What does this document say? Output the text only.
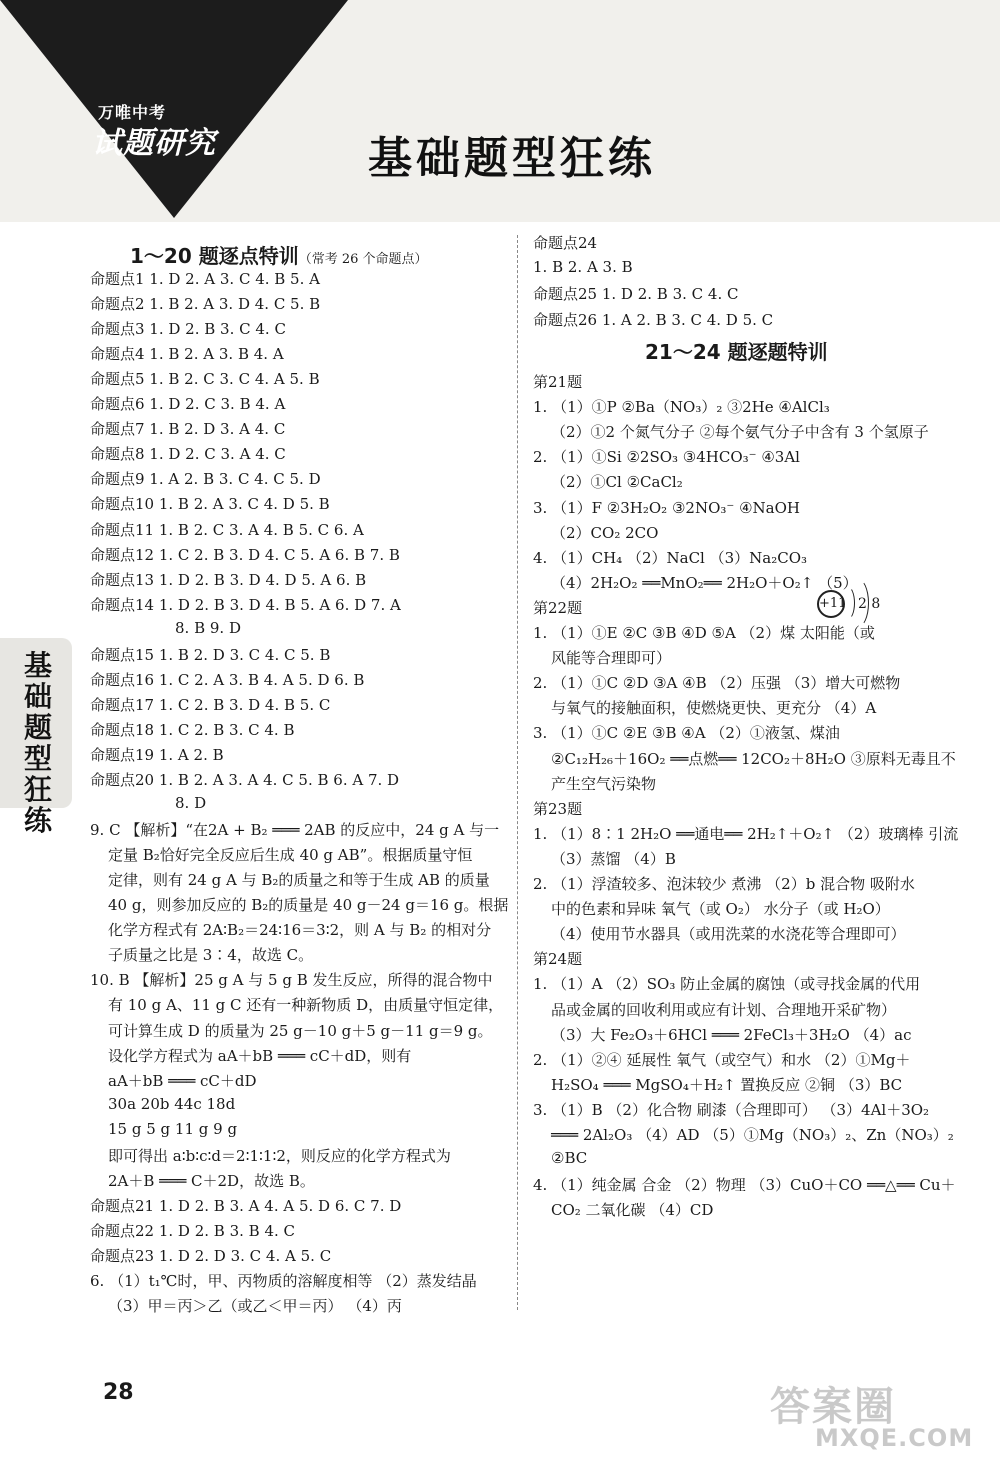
万唯中考
试题研究	基础题型狂练
基础题型狂练
1～20 题逐点特训（常考 26 个命题点）
命题点1 1. D 2. A 3. C 4. B 5. A
命题点2 1. B 2. A 3. D 4. C 5. B
命题点3 1. D 2. B 3. C 4. C
命题点4 1. B 2. A 3. B 4. A
命题点5 1. B 2. C 3. C 4. A 5. B
命题点6 1. D 2. C 3. B 4. A
命题点7 1. B 2. D 3. A 4. C
命题点8 1. D 2. C 3. A 4. C
命题点9 1. A 2. B 3. C 4. C 5. D
命题点10 1. B 2. A 3. C 4. D 5. B
命题点11 1. B 2. C 3. A 4. B 5. C 6. A
命题点12 1. C 2. B 3. D 4. C 5. A 6. B 7. B
命题点13 1. D 2. B 3. D 4. D 5. A 6. B
命题点14 1. D 2. B 3. D 4. B 5. A 6. D 7. A
8. B 9. D
命题点15 1. B 2. D 3. C 4. C 5. B
命题点16 1. C 2. A 3. B 4. A 5. D 6. B
命题点17 1. C 2. B 3. D 4. B 5. C
命题点18 1. C 2. B 3. C 4. B
命题点19 1. A 2. B
命题点20 1. B 2. A 3. A 4. C 5. B 6. A 7. D
8. D
9. C 【解析】“在2A + B₂ ═══ 2AB 的反应中，24 g A 与一
定量 B₂恰好完全反应后生成 40 g AB”。根据质量守恒
定律，则有 24 g A 与 B₂的质量之和等于生成 AB 的质量
40 g，则参加反应的 B₂的质量是 40 g－24 g＝16 g。根据
化学方程式有 2A∶B₂＝24∶16＝3∶2，则 A 与 B₂ 的相对分
子质量之比是 3∶4，故选 C。
10. B 【解析】25 g A 与 5 g B 发生反应，所得的混合物中
有 10 g A、11 g C 还有一种新物质 D，由质量守恒定律，
可计算生成 D 的质量为 25 g－10 g＋5 g－11 g＝9 g。
设化学方程式为 aA＋bB ═══ cC＋dD，则有
aA＋bB ═══ cC＋dD
30a 20b 44c 18d
15 g 5 g 11 g 9 g
即可得出 a∶b∶c∶d＝2∶1∶1∶2，则反应的化学方程式为
2A＋B ═══ C＋2D，故选 B。
命题点21 1. D 2. B 3. A 4. A 5. D 6. C 7. D
命题点22 1. D 2. B 3. B 4. C
命题点23 1. D 2. D 3. C 4. A 5. C
6. （1）t₁℃时，甲、丙物质的溶解度相等 （2）蒸发结晶
（3）甲＝丙＞乙（或乙＜甲＝丙） （4）丙
命题点24
1. B 2. A 3. B
命题点25 1. D 2. B 3. C 4. C
命题点26 1. A 2. B 3. C 4. D 5. C
21～24 题逐题特训
第21题
1. （1）①P ②Ba（NO₃）₂ ③2He ④AlCl₃
（2）①2 个氮气分子 ②每个氨气分子中含有 3 个氢原子
2. （1）①Si ②2SO₃ ③4HCO₃⁻ ④3Al
（2）①Cl ②CaCl₂
3. （1）F ②3H₂O₂ ③2NO₃⁻ ④NaOH
（2）CO₂ 2CO
4. （1）CH₄ （2）NaCl （3）Na₂CO₃
（4）2H₂O₂ ══MnO₂══ 2H₂O＋O₂↑ （5）
第22题
1. （1）①E ②C ③B ④D ⑤A （2）煤 太阳能（或
风能等合理即可）
2. （1）①C ②D ③A ④B （2）压强 （3）增大可燃物
与氧气的接触面积，使燃烧更快、更充分 （4）A
3. （1）①C ②E ③B ④A （2）①液氢、煤油
②C₁₂H₂₆＋16O₂ ══点燃══ 12CO₂＋8H₂O ③原料无毒且不
产生空气污染物
第23题
1. （1）8∶1 2H₂O ══通电══ 2H₂↑＋O₂↑ （2）玻璃棒 引流
（3）蒸馏 （4）B
2. （1）浮渣较多、泡沫较少 煮沸 （2）b 混合物 吸附水
中的色素和异味 氧气（或 O₂） 水分子（或 H₂O）
（4）使用节水器具（或用洗菜的水浇花等合理即可）
第24题
1. （1）A （2）SO₃ 防止金属的腐蚀（或寻找金属的代用
品或金属的回收利用或应有计划、合理地开采矿物）
（3）大 Fe₂O₃＋6HCl ═══ 2FeCl₃＋3H₂O （4）ac
2. （1）②④ 延展性 氧气（或空气）和水 （2）①Mg＋
H₂SO₄ ═══ MgSO₄＋H₂↑ 置换反应 ②铜 （3）BC
3. （1）B （2）化合物 刷漆（合理即可） （3）4Al＋3O₂
═══ 2Al₂O₃ （4）AD （5）①Mg（NO₃）₂、Zn（NO₃）₂
②BC
4. （1）纯金属 合金 （2）物理 （3）CuO＋CO ══△══ Cu＋
CO₂ 二氧化碳 （4）CD
+11 2 8
28	答案圈
MXQE.COM
